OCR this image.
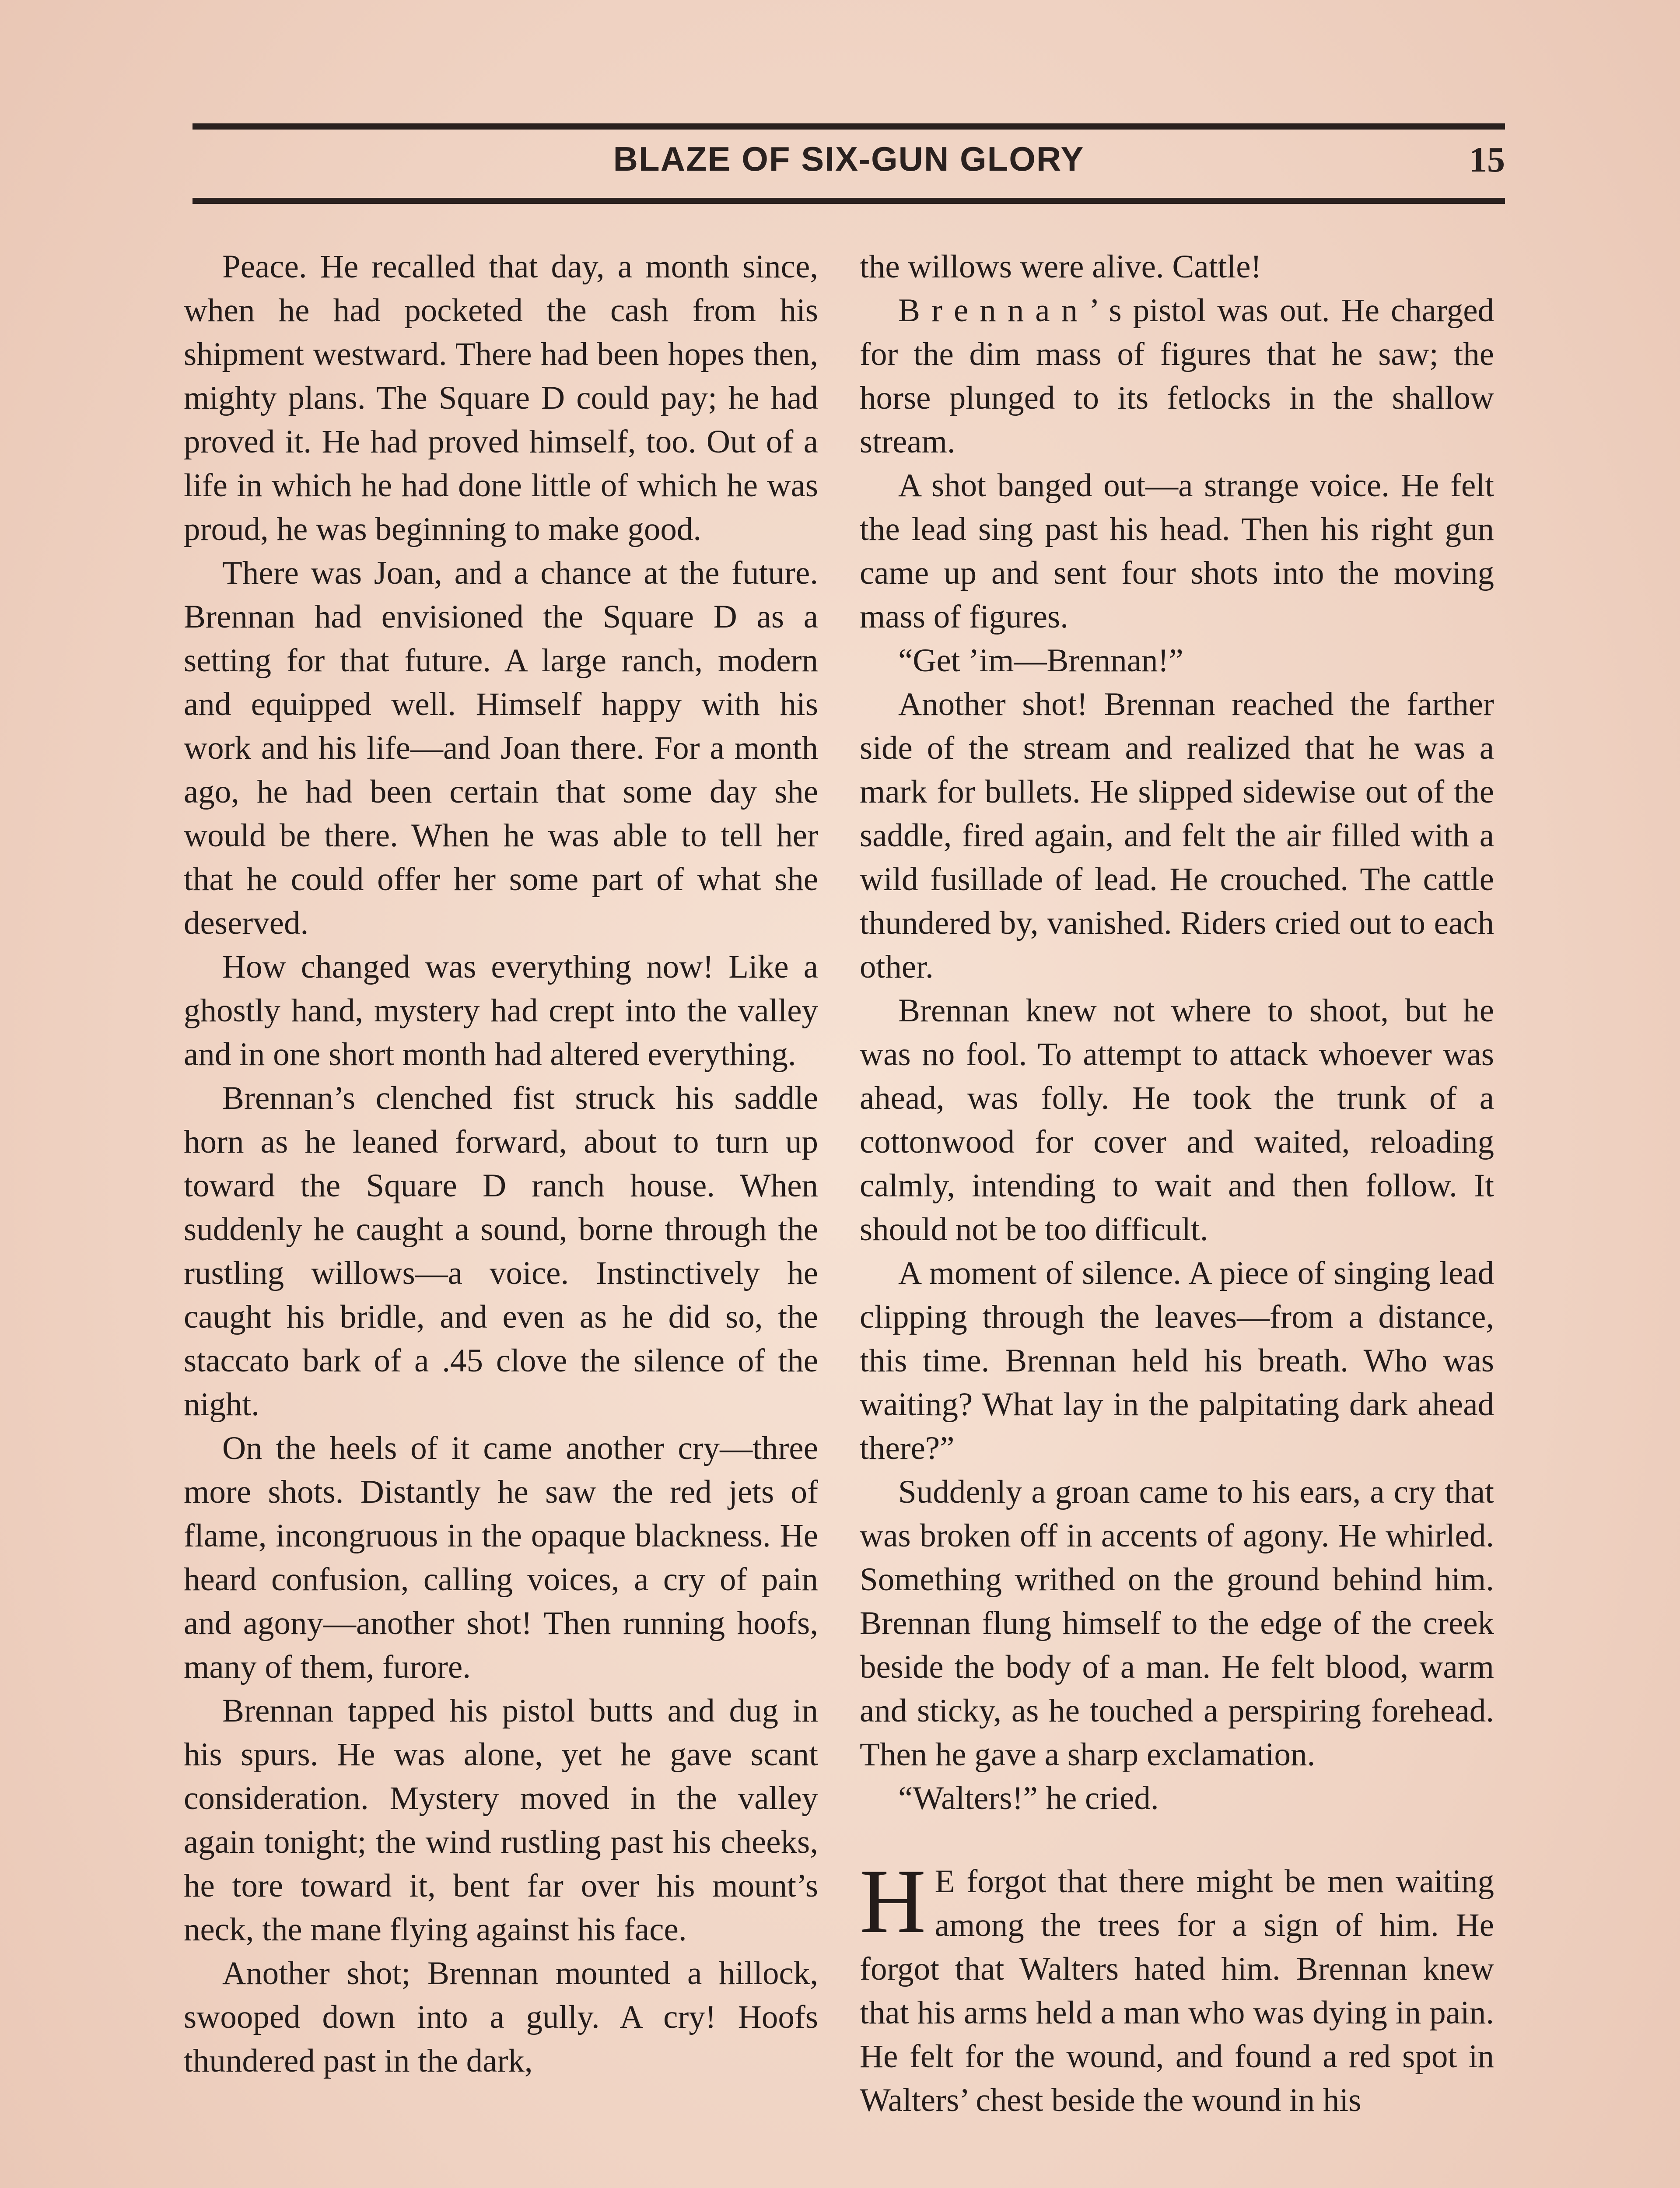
BLAZE OF SIX-GUN GLORY	15

Peace. He recalled that day, a month since, when he had pocketed the cash from his shipment westward. There had been hopes then, mighty plans. The Square D could pay; he had proved it. He had proved himself, too. Out of a life in which he had done little of which he was proud, he was beginning to make good.

There was Joan, and a chance at the future. Brennan had envisioned the Square D as a setting for that future. A large ranch, modern and equipped well. Himself happy with his work and his life—and Joan there. For a month ago, he had been certain that some day she would be there. When he was able to tell her that he could offer her some part of what she deserved.

How changed was everything now! Like a ghostly hand, mystery had crept into the valley and in one short month had altered everything.

Brennan’s clenched fist struck his saddle horn as he leaned forward, about to turn up toward the Square D ranch house. When suddenly he caught a sound, borne through the rustling willows—a voice. Instinctively he caught his bridle, and even as he did so, the staccato bark of a .45 clove the silence of the night.

On the heels of it came another cry—three more shots. Distantly he saw the red jets of flame, incongruous in the opaque blackness. He heard confusion, calling voices, a cry of pain and agony—another shot! Then running hoofs, many of them, furore.

Brennan tapped his pistol butts and dug in his spurs. He was alone, yet he gave scant consideration. Mystery moved in the valley again tonight; the wind rustling past his cheeks, he tore toward it, bent far over his mount’s neck, the mane flying against his face.

Another shot; Brennan mounted a hillock, swooped down into a gully. A cry! Hoofs thundered past in the dark,

the willows were alive. Cattle!

B r e n n a n ’ s pistol was out. He charged for the dim mass of figures that he saw; the horse plunged to its fetlocks in the shallow stream.

A shot banged out—a strange voice. He felt the lead sing past his head. Then his right gun came up and sent four shots into the moving mass of figures.

“Get ’im—Brennan!”

Another shot! Brennan reached the farther side of the stream and realized that he was a mark for bullets. He slipped sidewise out of the saddle, fired again, and felt the air filled with a wild fusillade of lead. He crouched. The cattle thundered by, vanished. Riders cried out to each other.

Brennan knew not where to shoot, but he was no fool. To attempt to attack whoever was ahead, was folly. He took the trunk of a cottonwood for cover and waited, reloading calmly, intending to wait and then follow. It should not be too difficult.

A moment of silence. A piece of singing lead clipping through the leaves—from a distance, this time. Brennan held his breath. Who was waiting? What lay in the palpitating dark ahead there?”

Suddenly a groan came to his ears, a cry that was broken off in accents of agony. He whirled. Something writhed on the ground behind him. Brennan flung himself to the edge of the creek beside the body of a man. He felt blood, warm and sticky, as he touched a perspiring forehead. Then he gave a sharp exclamation.

“Walters!” he cried.

H E forgot that there might be men waiting among the trees for a sign of him. He forgot that Walters hated him. Brennan knew that his arms held a man who was dying in pain. He felt for the wound, and found a red spot in Walters’ chest beside the wound in his
